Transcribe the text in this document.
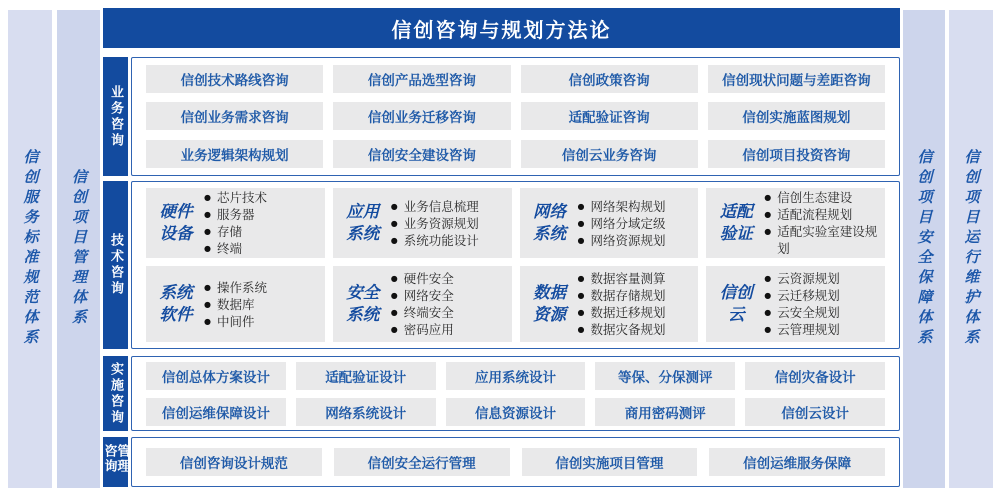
信创服务标准规范体系 信创项目管理体系	信创项目安全保障体系 信创项目运行维护体系
信创咨询与规划方法论
业务咨询
信创技术路线咨询	信创产品选型咨询	信创政策咨询	信创现状问题与差距咨询
信创业务需求咨询	信创业务迁移咨询	适配验证咨询	信创实施蓝图规划
业务逻辑架构规划	信创安全建设咨询	信创云业务咨询	信创项目投资咨询
技术咨询
硬件设备
● 芯片技术
● 服务器
● 存储
● 终端
应用系统
● 业务信息梳理
● 业务资源规划
● 系统功能设计
网络系统
● 网络架构规划
● 网络分域定级
● 网络资源规划
适配验证
● 信创生态建设
● 适配流程规划
● 适配实验室建设规划
系统软件
● 操作系统
● 数据库
● 中间件
安全系统
● 硬件安全
● 网络安全
● 终端安全
● 密码应用
数据资源
● 数据容量测算
● 数据存储规划
● 数据迁移规划
● 数据灾备规划
信创云
● 云资源规划
● 云迁移规划
● 云安全规划
● 云管理规划
实施咨询	信创总体方案设计	适配验证设计	应用系统设计	等保、分保测评	信创灾备设计
信创运维保障设计	网络系统设计	信息资源设计	商用密码测评	信创云设计
咨询管理	信创咨询设计规范	信创安全运行管理	信创实施项目管理	信创运维服务保障
